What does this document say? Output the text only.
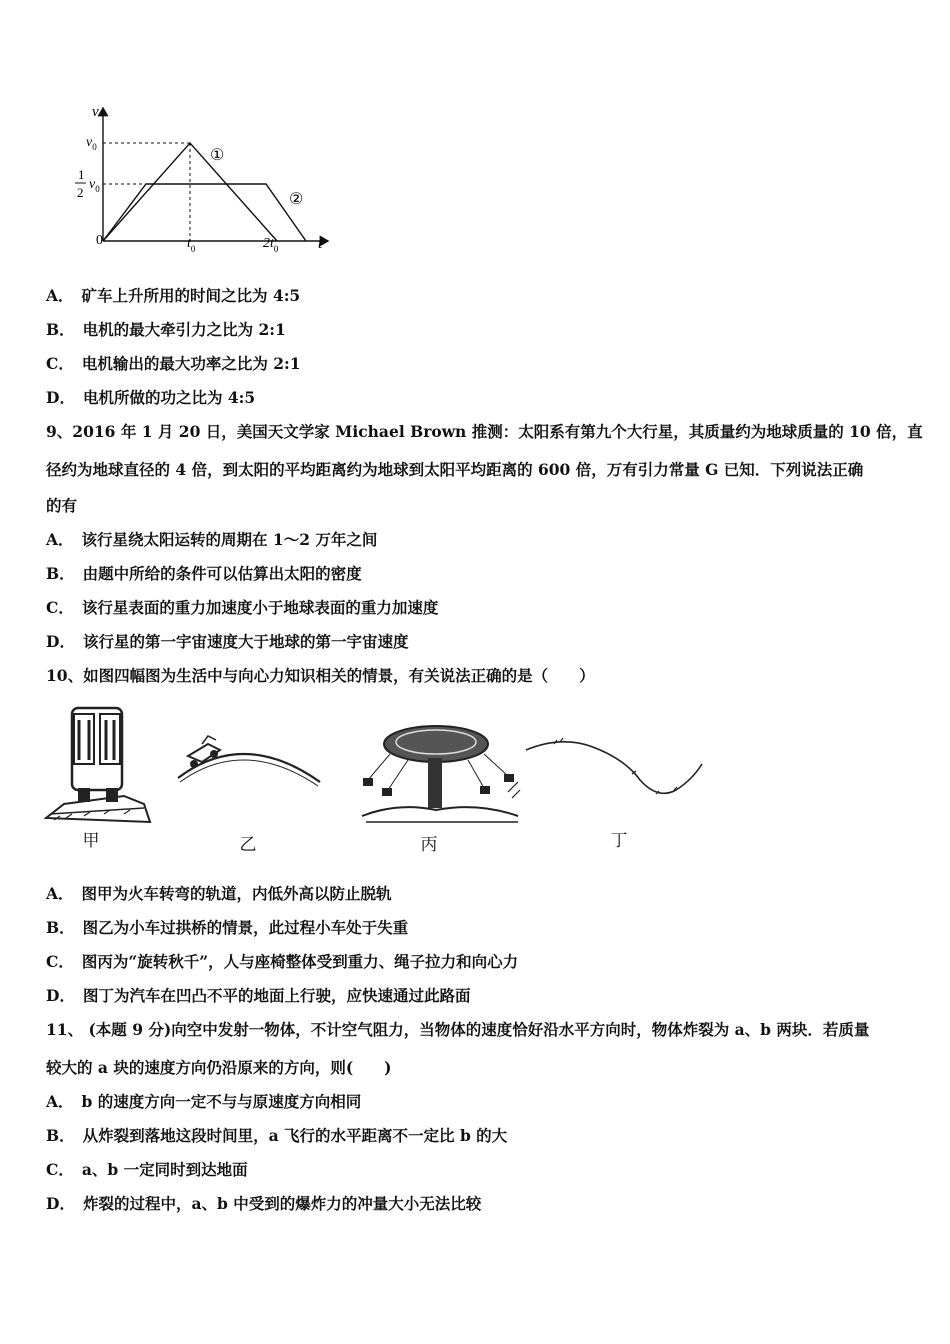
v
t
0
$v_0$
1
2
$v_0$
$t_0$	$2t_0$
①
②
A． 矿车上升所用的时间之比为 4:5
B． 电机的最大牵引力之比为 2:1
C． 电机输出的最大功率之比为 2:1
D． 电机所做的功之比为 4:5
9、2016 年 1 月 20 日，美国天文学家 Michael Brown 推测：太阳系有第九个大行星，其质量约为地球质量的 10 倍，直
径约为地球直径的 4 倍，到太阳的平均距离约为地球到太阳平均距离的 600 倍，万有引力常量 G 已知．下列说法正确
的有
A． 该行星绕太阳运转的周期在 1～2 万年之间
B． 由题中所给的条件可以估算出太阳的密度
C． 该行星表面的重力加速度小于地球表面的重力加速度
D． 该行星的第一宇宙速度大于地球的第一宇宙速度
10、如图四幅图为生活中与向心力知识相关的情景，有关说法正确的是（　　）
甲	乙	丙	丁
A． 图甲为火车转弯的轨道，内低外高以防止脱轨
B． 图乙为小车过拱桥的情景，此过程小车处于失重
C． 图丙为“旋转秋千”，人与座椅整体受到重力、绳子拉力和向心力
D． 图丁为汽车在凹凸不平的地面上行驶，应快速通过此路面
11、 (本题 9 分)向空中发射一物体，不计空气阻力，当物体的速度恰好沿水平方向时，物体炸裂为 a、b 两块．若质量
较大的 a 块的速度方向仍沿原来的方向，则(　　)
A． b 的速度方向一定不与与原速度方向相同
B． 从炸裂到落地这段时间里，a 飞行的水平距离不一定比 b 的大
C． a、b 一定同时到达地面
D． 炸裂的过程中，a、b 中受到的爆炸力的冲量大小无法比较
